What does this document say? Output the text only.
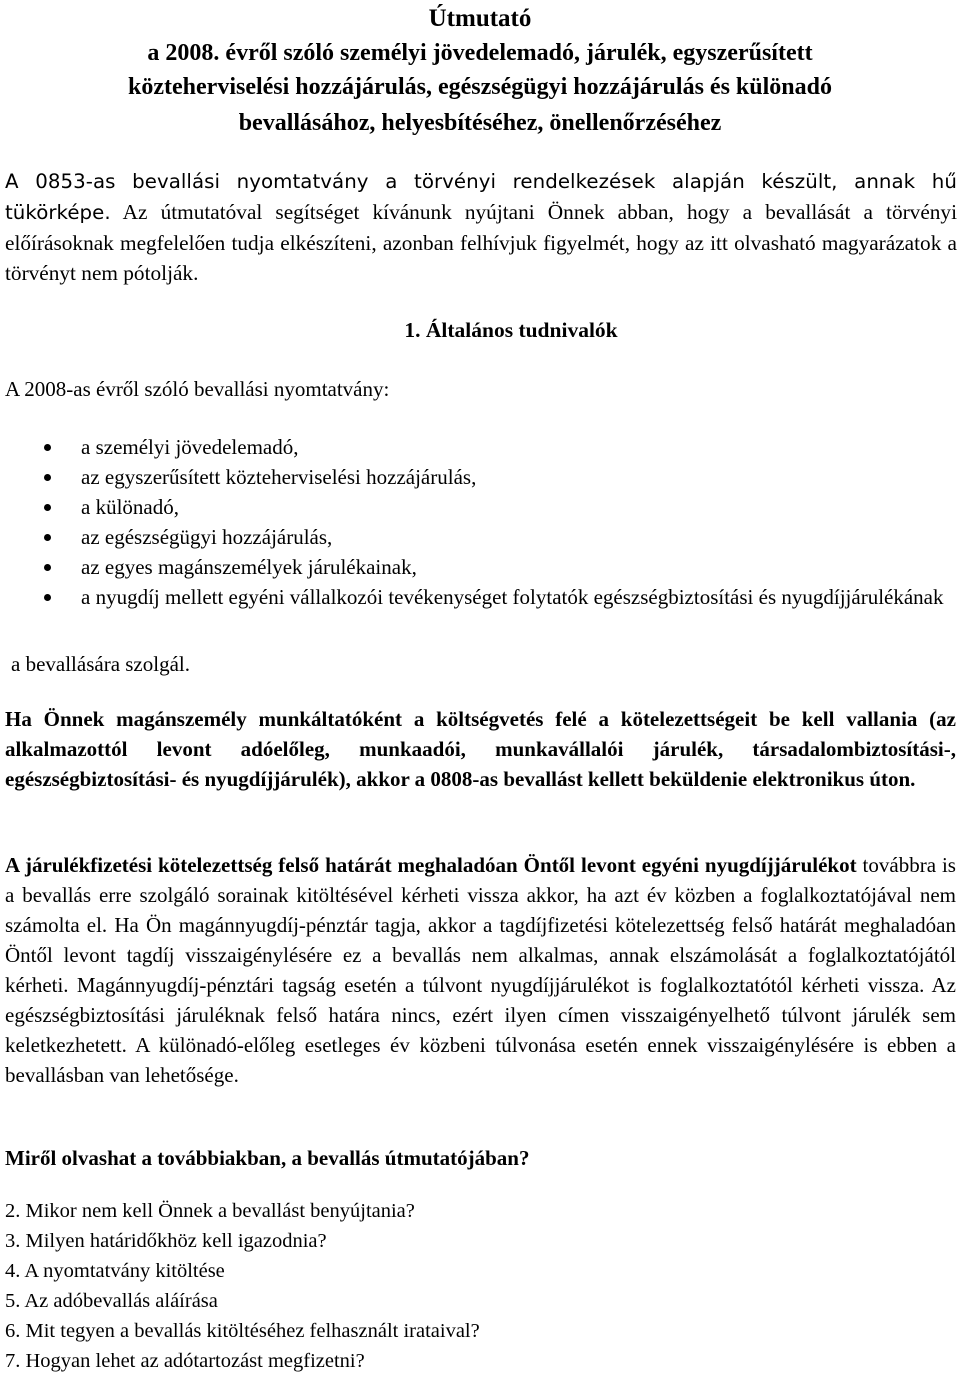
Útmutató
a 2008. évről szóló személyi jövedelemadó, járulék, egyszerűsített
közteherviselési hozzájárulás, egészségügyi hozzájárulás és különadó
bevallásához, helyesbítéséhez, önellenőrzéséhez
A 0853-as bevallási nyomtatvány a törvényi rendelkezések alapján készült, annak hű tükörképe. Az útmutatóval segítséget kívánunk nyújtani Önnek abban, hogy a bevallását a törvényi előírásoknak megfelelően tudja elkészíteni, azonban felhívjuk figyelmét, hogy az itt olvasható magyarázatok a törvényt nem pótolják.
1. Általános tudnivalók
A 2008-as évről szóló bevallási nyomtatvány:
a személyi jövedelemadó,
az egyszerűsített közteherviselési hozzájárulás,
a különadó,
az egészségügyi hozzájárulás,
az egyes magánszemélyek járulékainak,
a nyugdíj mellett egyéni vállalkozói tevékenységet folytatók egészségbiztosítási és nyugdíjjárulékának
a bevallására szolgál.
Ha Önnek magánszemély munkáltatóként a költségvetés felé a kötelezettségeit be kell vallania (az alkalmazottól levont adóelőleg, munkaadói, munkavállalói járulék, társadalombiztosítási-, egészségbiztosítási- és nyugdíjjárulék), akkor a 0808-as bevallást kellett beküldenie elektronikus úton.
A járulékfizetési kötelezettség felső határát meghaladóan Öntől levont egyéni nyugdíjjárulékot továbbra is a bevallás erre szolgáló sorainak kitöltésével kérheti vissza akkor, ha azt év közben a foglalkoztatójával nem számolta el. Ha Ön magánnyugdíj-pénztár tagja, akkor a tagdíjfizetési kötelezettség felső határát meghaladóan Öntől levont tagdíj visszaigénylésére ez a bevallás nem alkalmas, annak elszámolását a foglalkoztatójától kérheti. Magánnyugdíj-pénztári tagság esetén a túlvont nyugdíjjárulékot is foglalkoztatótól kérheti vissza. Az egészségbiztosítási járuléknak felső határa nincs, ezért ilyen címen visszaigényelhető túlvont járulék sem keletkezhetett. A különadó-előleg esetleges év közbeni túlvonása esetén ennek visszaigénylésére is ebben a bevallásban van lehetősége.
Miről olvashat a továbbiakban, a bevallás útmutatójában?
2. Mikor nem kell Önnek a bevallást benyújtania?
3. Milyen határidőkhöz kell igazodnia?
4. A nyomtatvány kitöltése
5. Az adóbevallás aláírása
6. Mit tegyen a bevallás kitöltéséhez felhasznált irataival?
7. Hogyan lehet az adótartozást megfizetni?
